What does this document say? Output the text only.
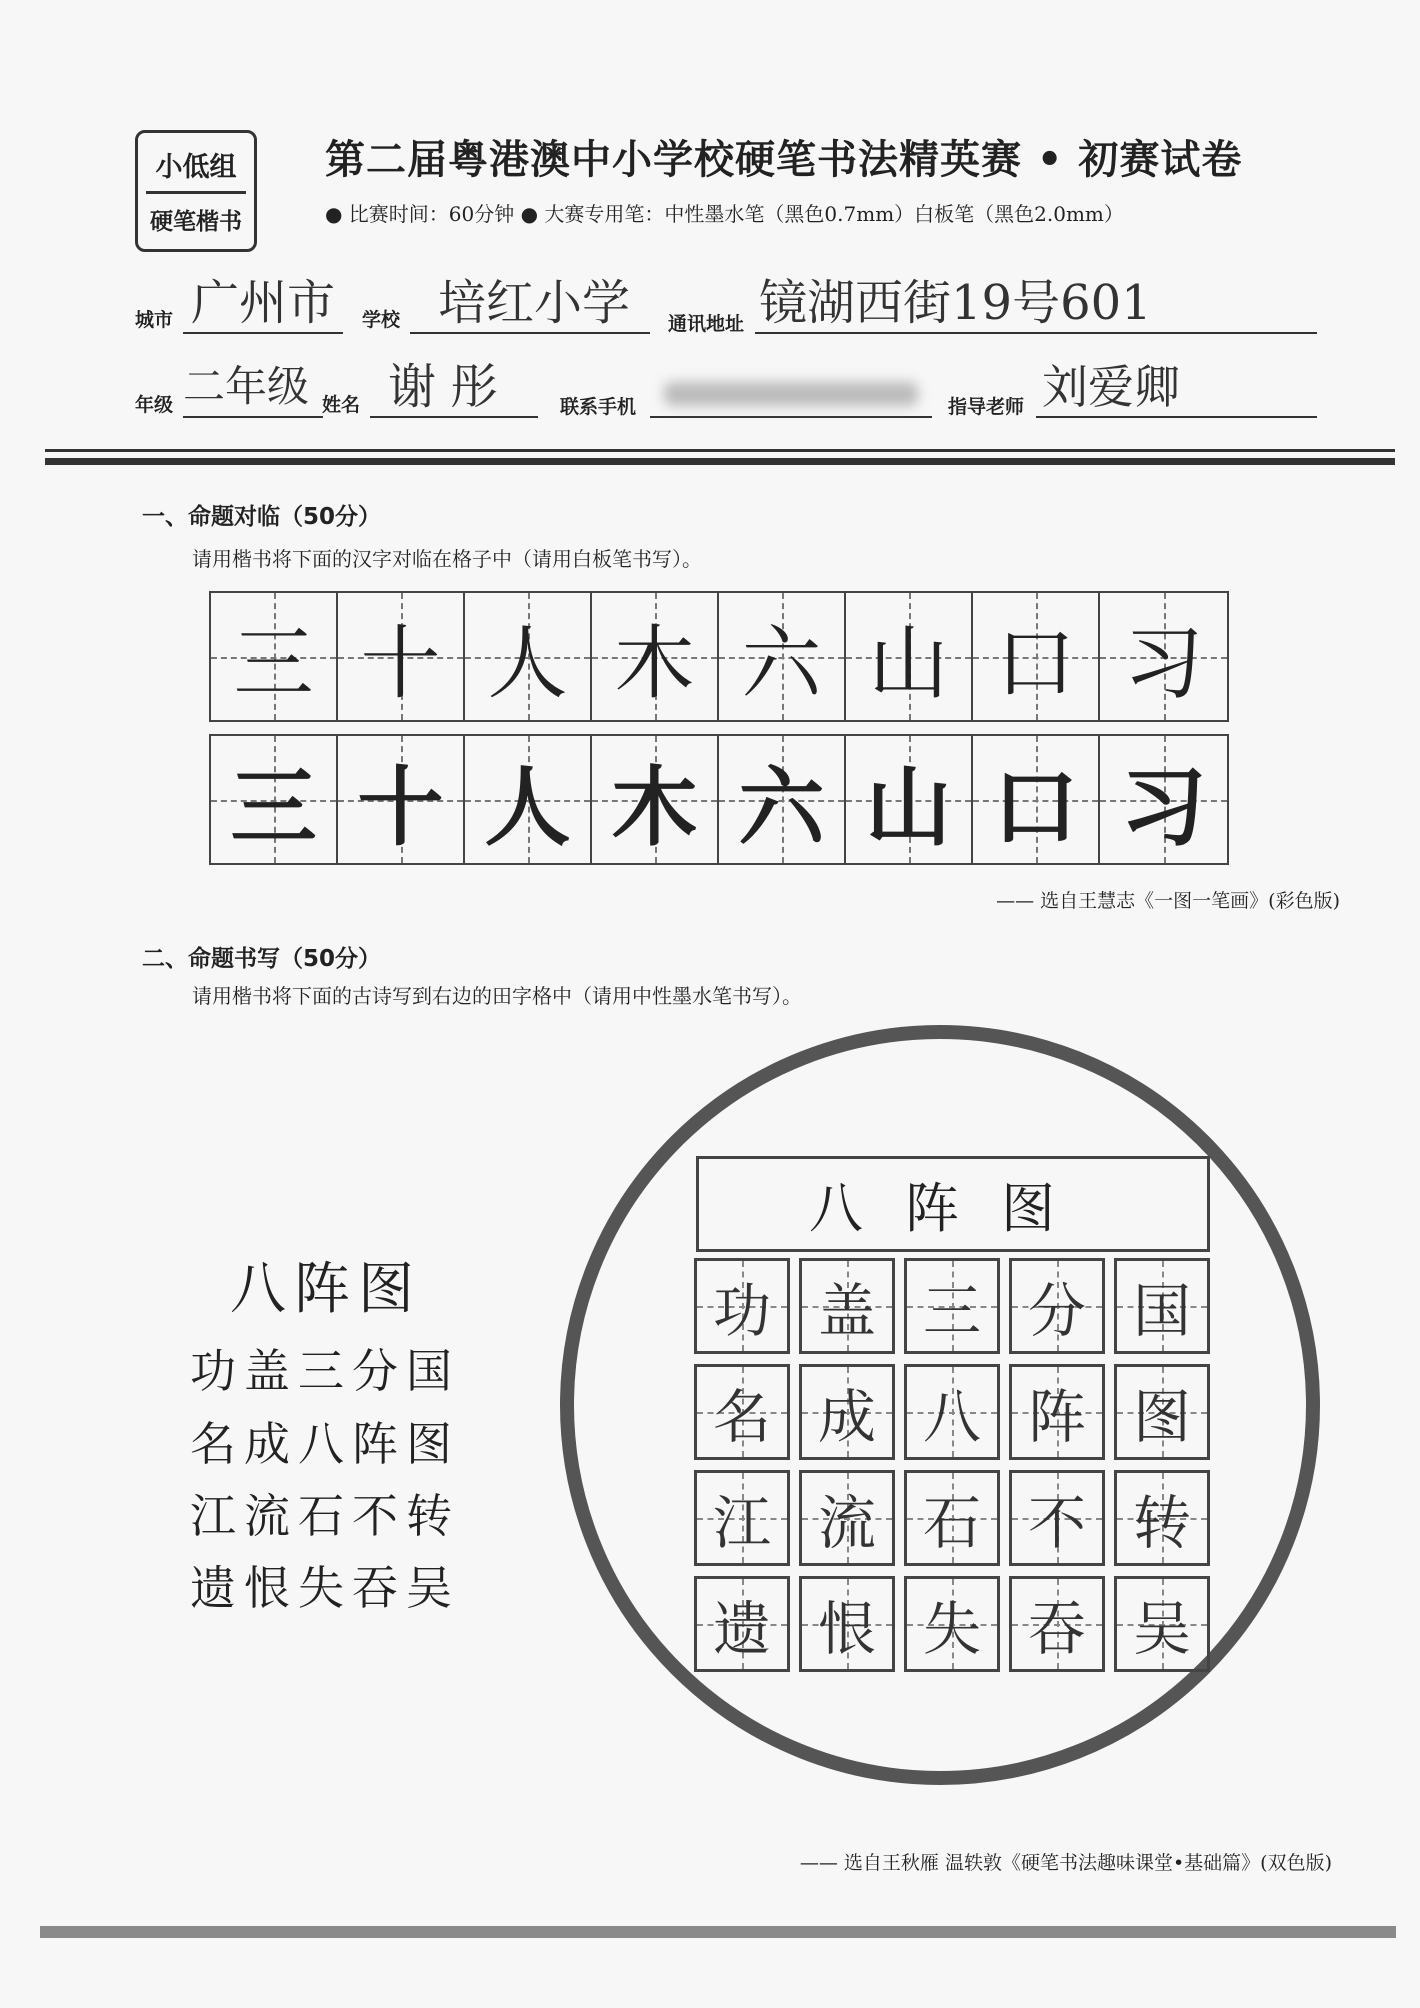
小低组
硬笔楷书
第二届粤港澳中小学校硬笔书法精英赛 • 初赛试卷
● 比赛时间：60分钟 ● 大赛专用笔：中性墨水笔（黑色0.7mm）白板笔（黑色2.0mm）
城市 广州市	学校 培红小学	通讯地址 镜湖西街19号601
年级 二年级 姓名 谢彤	联系手机	指导老师 刘爱卿
一、命题对临（50分）
请用楷书将下面的汉字对临在格子中（请用白板笔书写）。
三 十 人 木 六 山 口 习
三 十 人 木 六 山 口 习
—— 选自王慧志《一图一笔画》(彩色版)
二、命题书写（50分）
请用楷书将下面的古诗写到右边的田字格中（请用中性墨水笔书写）。
八阵图
功盖三分国
名成八阵图
江流石不转
遗恨失吞吴
八阵图
功 盖 三 分 国
名 成 八 阵 图
江 流 石 不 转
遗 恨 失 吞 吴
—— 选自王秋雁 温轶敦《硬笔书法趣味课堂•基础篇》(双色版)
